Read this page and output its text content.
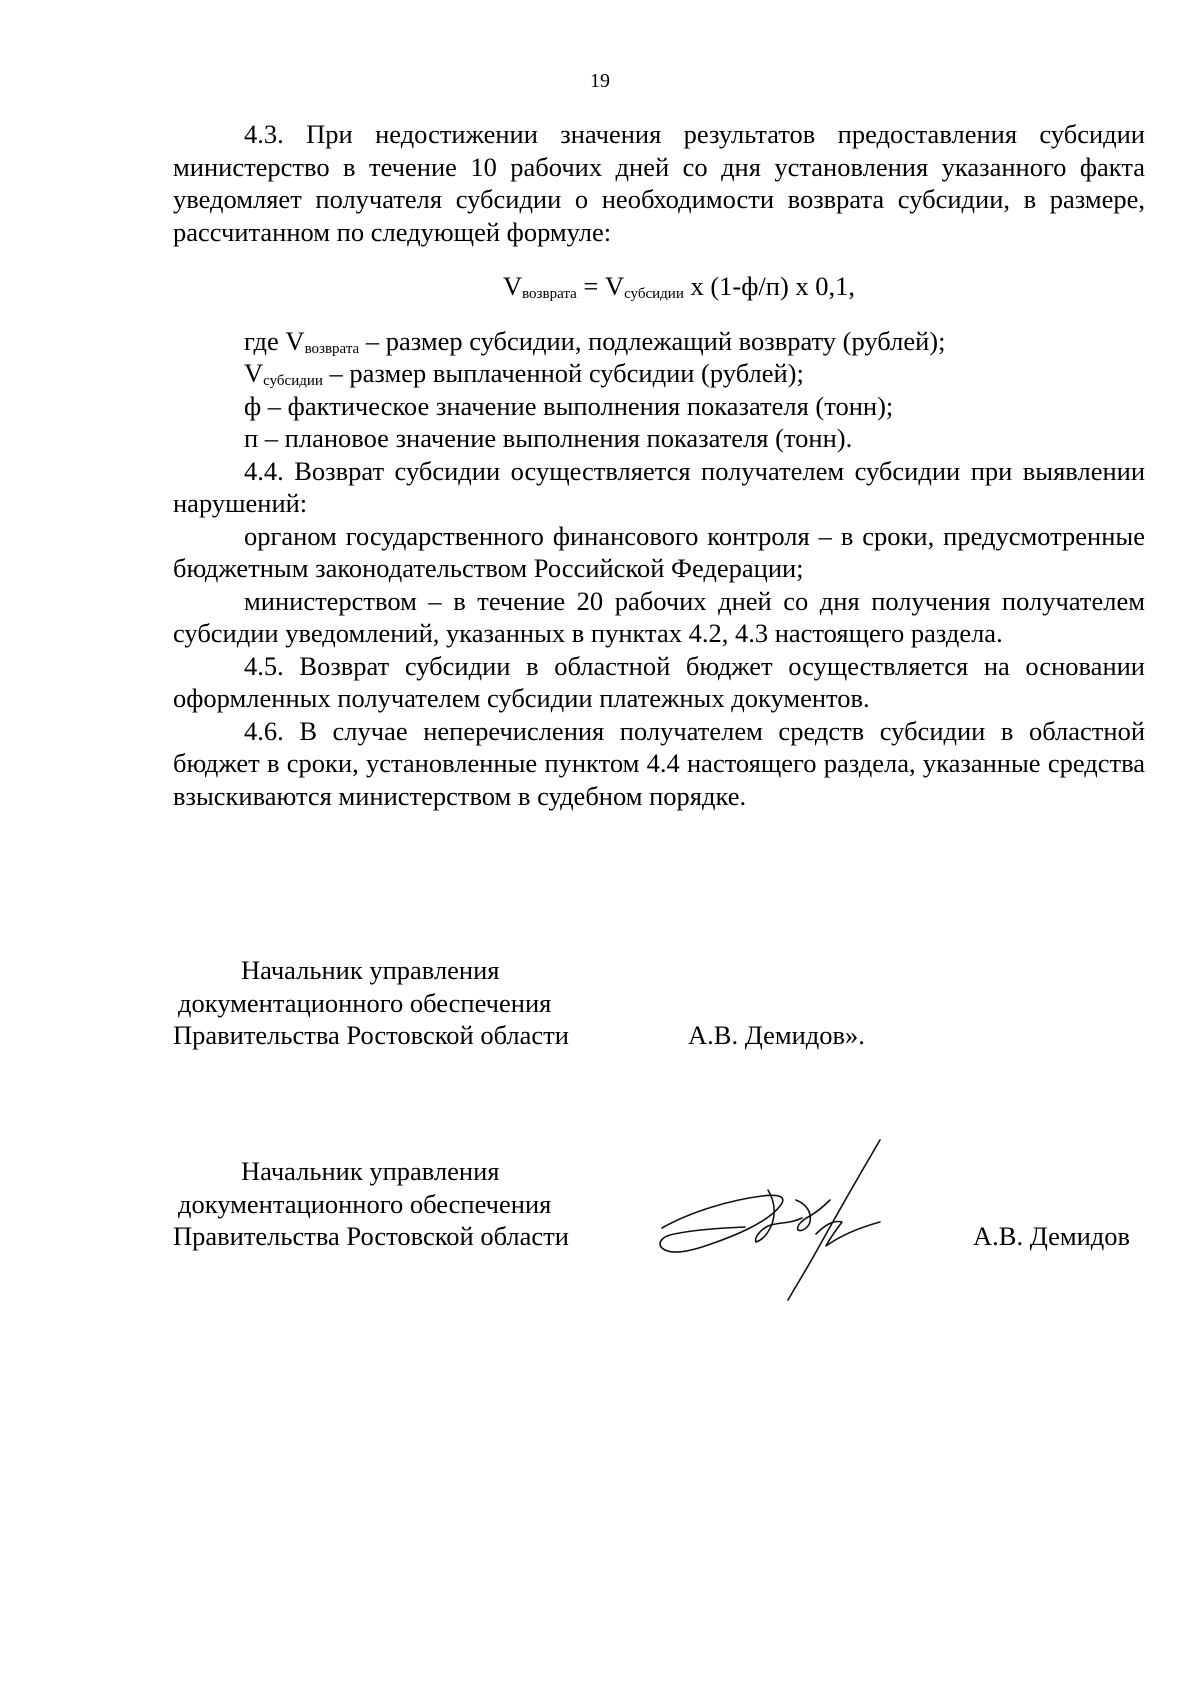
19

4.3. При недостижении значения результатов предоставления субсидии министерство в течение 10 рабочих дней со дня установления указанного факта уведомляет получателя субсидии о необходимости возврата субсидии, в размере, рассчитанном по следующей формуле:

$V_{возврата} = V_{субсидии}$ x (1-ф/п) x 0,1,

где $V_{возврата}$ – размер субсидии, подлежащий возврату (рублей);

$V_{субсидии}$ – размер выплаченной субсидии (рублей);

ф – фактическое значение выполнения показателя (тонн);

п – плановое значение выполнения показателя (тонн).

4.4. Возврат субсидии осуществляется получателем субсидии при выявлении нарушений:

органом государственного финансового контроля – в сроки, предусмотренные бюджетным законодательством Российской Федерации;

министерством – в течение 20 рабочих дней со дня получения получателем субсидии уведомлений, указанных в пунктах 4.2, 4.3 настоящего раздела.

4.5. Возврат субсидии в областной бюджет осуществляется на основании оформленных получателем субсидии платежных документов.

4.6. В случае неперечисления получателем средств субсидии в областной бюджет в сроки, установленные пунктом 4.4 настоящего раздела, указанные средства взыскиваются министерством в судебном порядке.

Начальник управления
документационного обеспечения
Правительства Ростовской области	А.В. Демидов».
Начальник управления
документационного обеспечения
Правительства Ростовской области	А.В. Демидов
